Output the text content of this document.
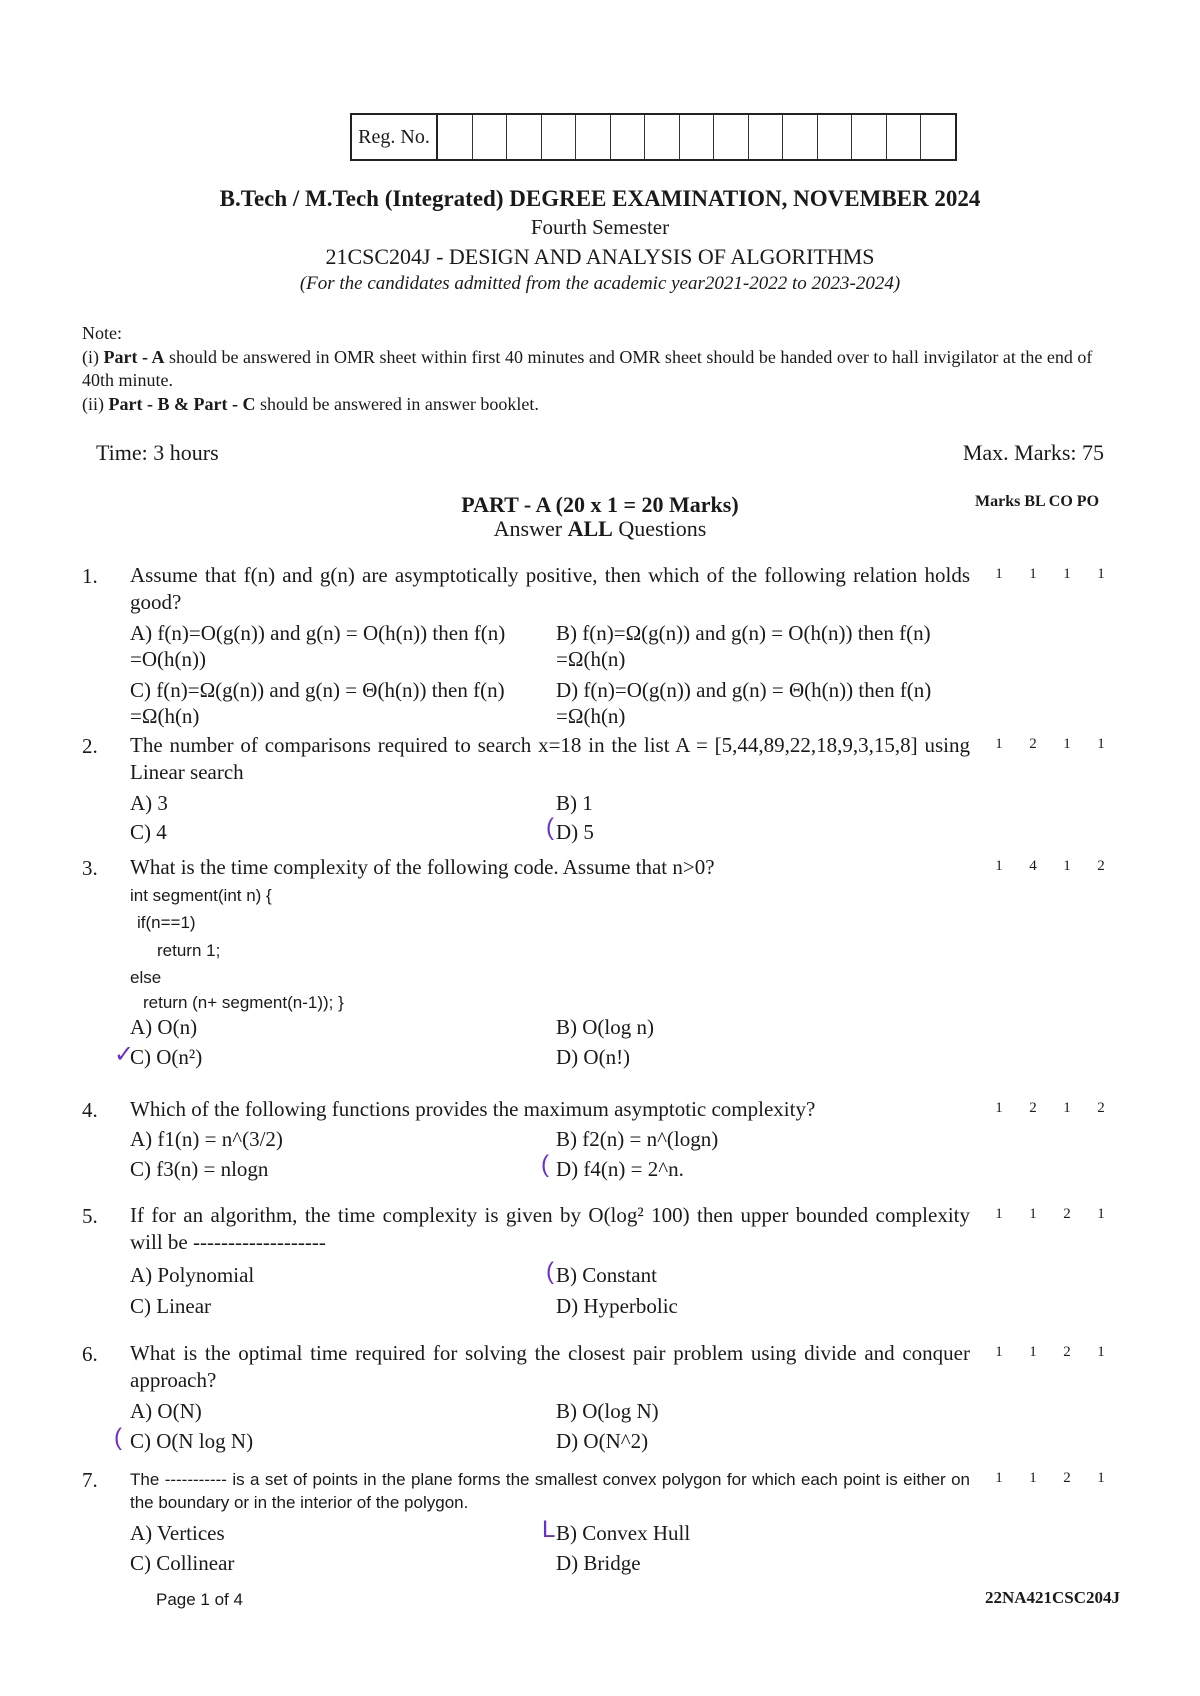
Reg. No.
B.Tech / M.Tech (Integrated) DEGREE EXAMINATION, NOVEMBER 2024
Fourth Semester
21CSC204J - DESIGN AND ANALYSIS OF ALGORITHMS
(For the candidates admitted from the academic year2021-2022 to 2023-2024)
Note:
(i) Part - A should be answered in OMR sheet within first 40 minutes and OMR sheet should be handed over to hall invigilator at the end of 40th minute.
(ii) Part - B & Part - C should be answered in answer booklet.
Time: 3 hours	Max. Marks: 75
PART - A (20 x 1 = 20 Marks)
Answer ALL Questions
Marks BL CO PO
1. Assume that f(n) and g(n) are asymptotically positive, then which of the following relation holds good?
1	1	1	1
A) f(n)=O(g(n)) and g(n) = O(h(n)) then f(n) =O(h(n))
B) f(n)=Ω(g(n)) and g(n) = O(h(n)) then f(n) =Ω(h(n)
C) f(n)=Ω(g(n)) and g(n) = Θ(h(n)) then f(n) =Ω(h(n)
D) f(n)=O(g(n)) and g(n) = Θ(h(n)) then f(n) =Ω(h(n)
2. The number of comparisons required to search x=18 in the list A = [5,44,89,22,18,9,3,15,8] using Linear search
1	2	1	1
A) 3	B) 1
C) 4	D) 5
(
3. What is the time complexity of the following code. Assume that n>0?	1	4	1	2
int segment(int n) {
if(n==1)
return 1;
else
return (n+ segment(n-1)); }
A) O(n)	B) O(log n)
C) O(n²)	D) O(n!)
✓
4. Which of the following functions provides the maximum asymptotic complexity?	1	2	1	2
A) f1(n) = n^(3/2)	B) f2(n) = n^(logn)
C) f3(n) = nlogn	D) f4(n) = 2^n.
(
5. If for an algorithm, the time complexity is given by O(log² 100) then upper bounded complexity will be -------------------
1	1	2	1
A) Polynomial	B) Constant
C) Linear	D) Hyperbolic
(
6. What is the optimal time required for solving the closest pair problem using divide and conquer approach?
1	1	2	1
A) O(N)	B) O(log N)
C) O(N log N)	D) O(N^2)
(
7. The ----------- is a set of points in the plane forms the smallest convex polygon for which each point is either on the boundary or in the interior of the polygon.
1	1	2	1
A) Vertices	B) Convex Hull
C) Collinear	D) Bridge
L
Page 1 of 4	22NA421CSC204J
